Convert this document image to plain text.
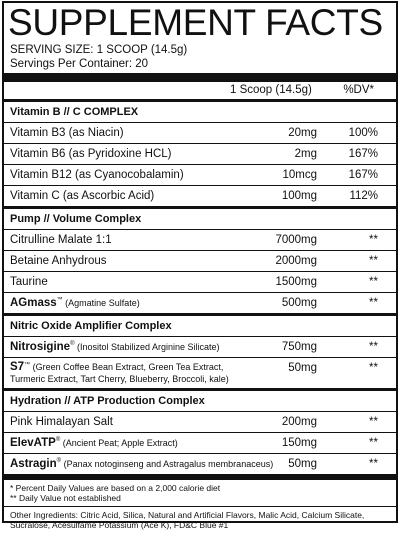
SUPPLEMENT FACTS
SERVING SIZE: 1 SCOOP (14.5g)
Servings Per Container: 20
1 Scoop (14.5g)	%DV*
Vitamin B // C COMPLEX
Vitamin B3 (as Niacin)	20mg	100%
Vitamin B6 (as Pyridoxine HCL)	2mg	167%
Vitamin B12 (as Cyanocobalamin)	10mcg	167%
Vitamin C (as Ascorbic Acid)	100mg	112%
Pump // Volume Complex
Citrulline Malate 1:1	7000mg	**
Betaine Anhydrous	2000mg	**
Taurine	1500mg	**
AGmass™ (Agmatine Sulfate)	500mg	**
Nitric Oxide Amplifier Complex
Nitrosigine® (Inositol Stabilized Arginine Silicate)	750mg	**
S7™ (Green Coffee Bean Extract, Green Tea Extract, Turmeric Extract, Tart Cherry, Blueberry, Broccoli, kale)
50mg	**
Hydration // ATP Production Complex
Pink Himalayan Salt	200mg	**
ElevATP® (Ancient Peat; Apple Extract)	150mg	**
Astragin® (Panax notoginseng and Astragalus membranaceus)	50mg	**
* Percent Daily Values are based on a 2,000 calorie diet
** Daily Value not established
Other Ingredients: Citric Acid, Silica, Natural and Artificial Flavors, Malic Acid, Calcium Silicate, Sucralose, Acesulfame Potassium (Ace K), FD&C Blue #1
